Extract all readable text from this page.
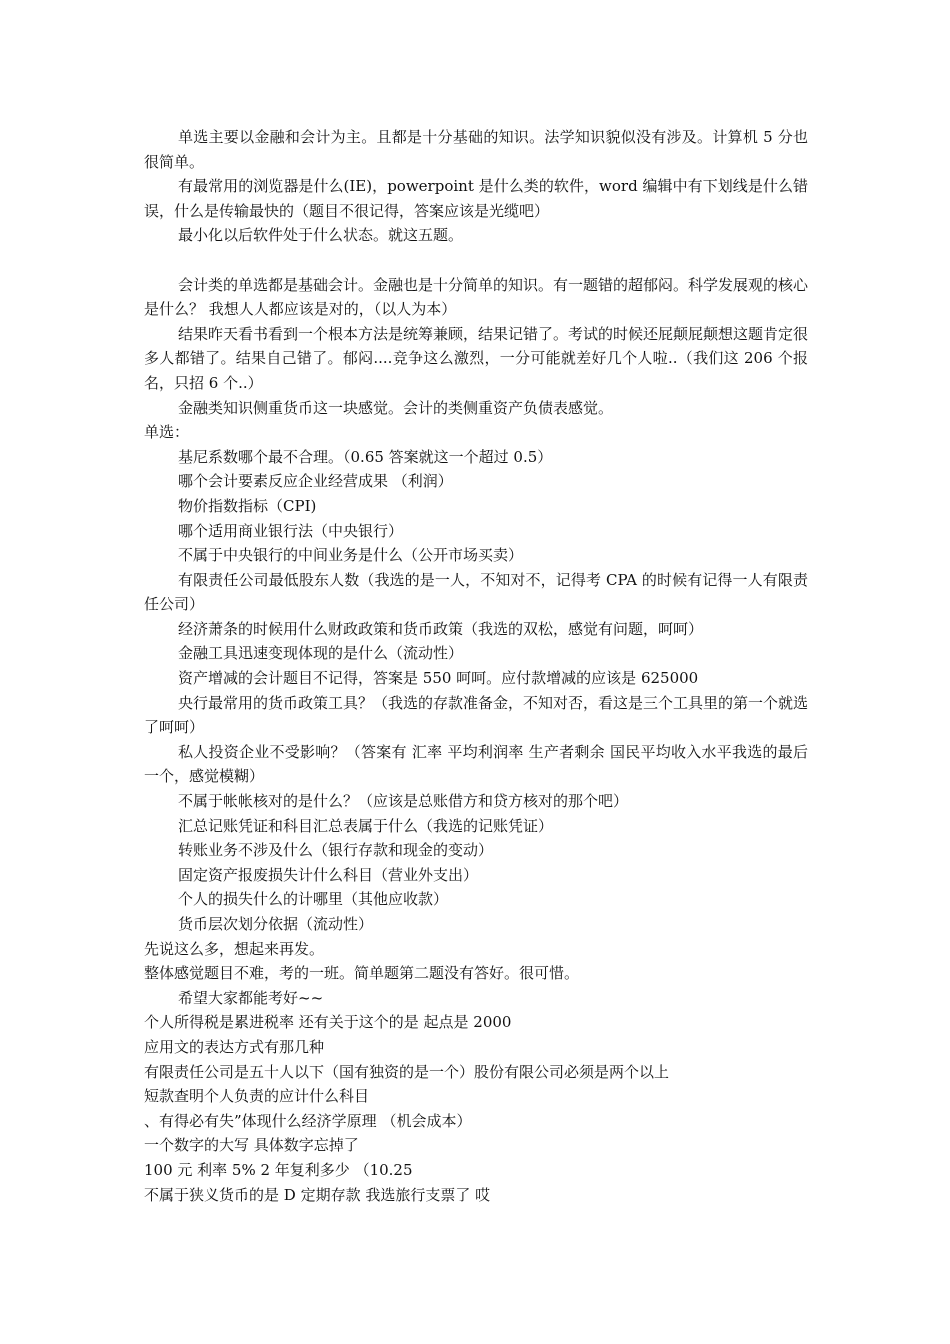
单选主要以金融和会计为主。且都是十分基础的知识。法学知识貌似没有涉及。计算机 5 分也很简单。

有最常用的浏览器是什么(IE)，powerpoint 是什么类的软件，word 编辑中有下划线是什么错误，什么是传输最快的（题目不很记得，答案应该是光缆吧）

最小化以后软件处于什么状态。就这五题。

会计类的单选都是基础会计。金融也是十分简单的知识。有一题错的超郁闷。科学发展观的核心是什么？ 我想人人都应该是对的，（以人为本）

结果昨天看书看到一个根本方法是统筹兼顾，结果记错了。考试的时候还屁颠屁颠想这题肯定很多人都错了。结果自己错了。郁闷....竞争这么激烈，一分可能就差好几个人啦..（我们这 206 个报名，只招 6 个..）

金融类知识侧重货币这一块感觉。会计的类侧重资产负债表感觉。

单选：

基尼系数哪个最不合理。（0.65 答案就这一个超过 0.5）

哪个会计要素反应企业经营成果 （利润）

物价指数指标（CPI)

哪个适用商业银行法（中央银行）

不属于中央银行的中间业务是什么（公开市场买卖）

有限责任公司最低股东人数（我选的是一人，不知对不，记得考 CPA 的时候有记得一人有限责任公司）

经济萧条的时候用什么财政政策和货币政策（我选的双松，感觉有问题，呵呵）

金融工具迅速变现体现的是什么（流动性）

资产增减的会计题目不记得，答案是 550 呵呵。应付款增减的应该是 625000

央行最常用的货币政策工具？（我选的存款准备金，不知对否，看这是三个工具里的第一个就选了呵呵）

私人投资企业不受影响？（答案有 汇率 平均利润率 生产者剩余 国民平均收入水平我选的最后一个，感觉模糊）

不属于帐帐核对的是什么？（应该是总账借方和贷方核对的那个吧）

汇总记账凭证和科目汇总表属于什么（我选的记账凭证）

转账业务不涉及什么（银行存款和现金的变动）

固定资产报废损失计什么科目（营业外支出）

个人的损失什么的计哪里（其他应收款）

货币层次划分依据（流动性）

先说这么多，想起来再发。

整体感觉题目不难，考的一班。简单题第二题没有答好。很可惜。

希望大家都能考好~~

个人所得税是累进税率 还有关于这个的是 起点是 2000

应用文的表达方式有那几种

有限责任公司是五十人以下（国有独资的是一个）股份有限公司必须是两个以上

短款查明个人负责的应计什么科目

、有得必有失”体现什么经济学原理 （机会成本）

一个数字的大写 具体数字忘掉了

100 元 利率 5% 2 年复利多少 （10.25

不属于狭义货币的是 D 定期存款 我选旅行支票了 哎
